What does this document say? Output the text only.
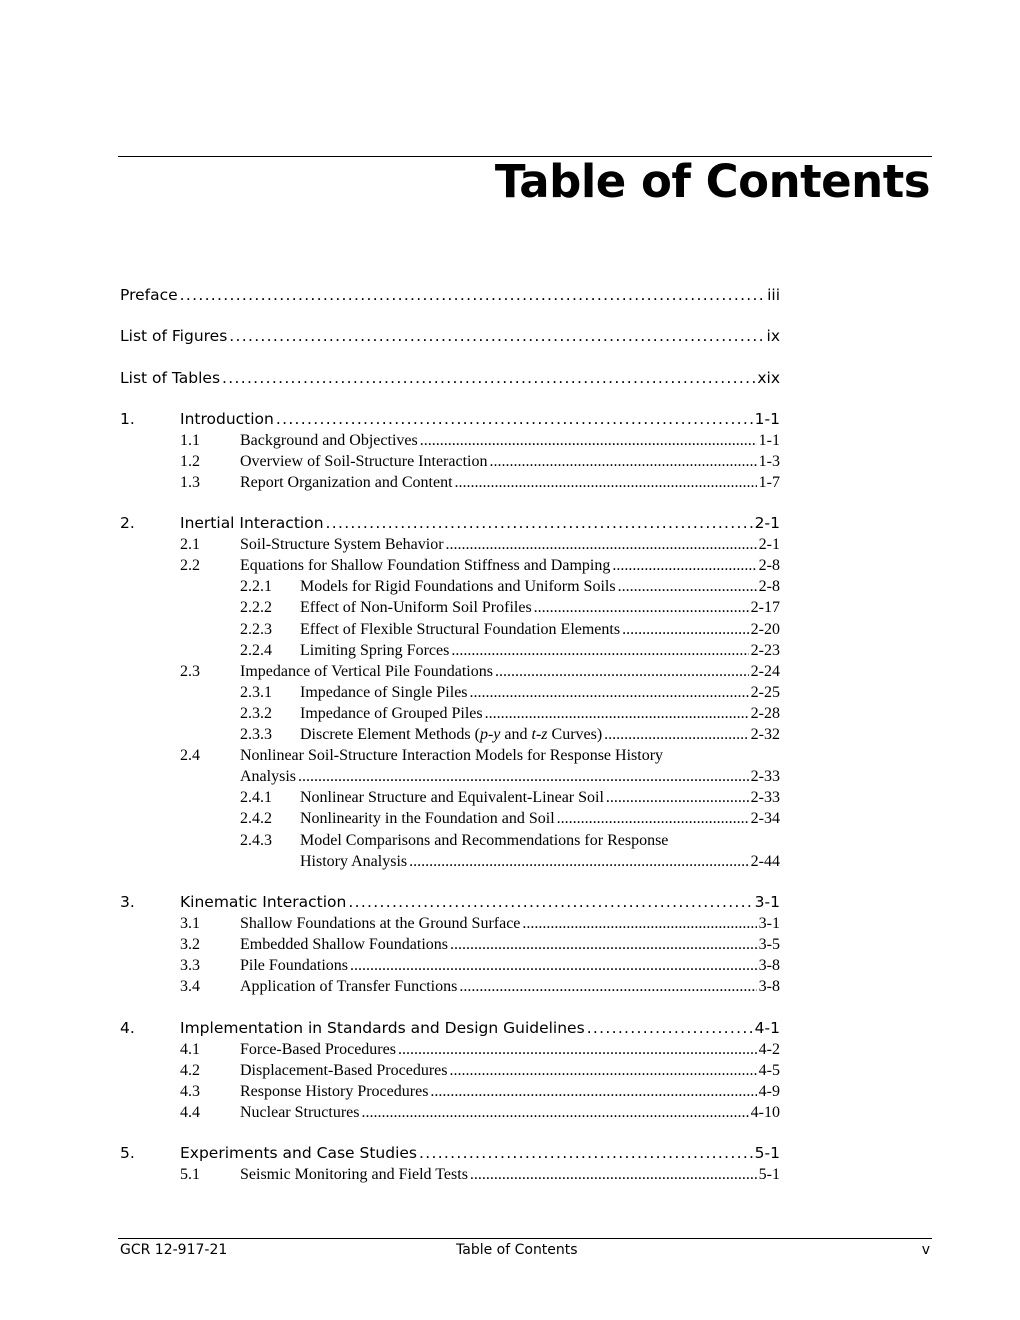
Table of Contents
Preface .....	iii
List of Figures .....	ix
List of Tables .....	xix
1.	Introduction .....	1-1
1.1	Background and Objectives .....	1-1
1.2	Overview of Soil-Structure Interaction .....	1-3
1.3	Report Organization and Content .....	1-7
2.	Inertial Interaction .....	2-1
2.1	Soil-Structure System Behavior .....	2-1
2.2	Equations for Shallow Foundation Stiffness and Damping .....	2-8
2.2.1	Models for Rigid Foundations and Uniform Soils .....	2-8
2.2.2	Effect of Non-Uniform Soil Profiles .....	2-17
2.2.3	Effect of Flexible Structural Foundation Elements .....	2-20
2.2.4	Limiting Spring Forces .....	2-23
2.3	Impedance of Vertical Pile Foundations .....	2-24
2.3.1	Impedance of Single Piles .....	2-25
2.3.2	Impedance of Grouped Piles .....	2-28
2.3.3	Discrete Element Methods (p-y and t-z Curves) .....	2-32
2.4	Nonlinear Soil-Structure Interaction Models for Response History
Analysis .....	2-33
2.4.1	Nonlinear Structure and Equivalent-Linear Soil .....	2-33
2.4.2	Nonlinearity in the Foundation and Soil .....	2-34
2.4.3	Model Comparisons and Recommendations for Response
History Analysis .....	2-44
3.	Kinematic Interaction .....	3-1
3.1	Shallow Foundations at the Ground Surface .....	3-1
3.2	Embedded Shallow Foundations .....	3-5
3.3	Pile Foundations .....	3-8
3.4	Application of Transfer Functions .....	3-8
4.	Implementation in Standards and Design Guidelines .....	4-1
4.1	Force-Based Procedures .....	4-2
4.2	Displacement-Based Procedures .....	4-5
4.3	Response History Procedures .....	4-9
4.4	Nuclear Structures .....	4-10
5.	Experiments and Case Studies .....	5-1
5.1	Seismic Monitoring and Field Tests .....	5-1
GCR 12-917-21	Table of Contents	v
